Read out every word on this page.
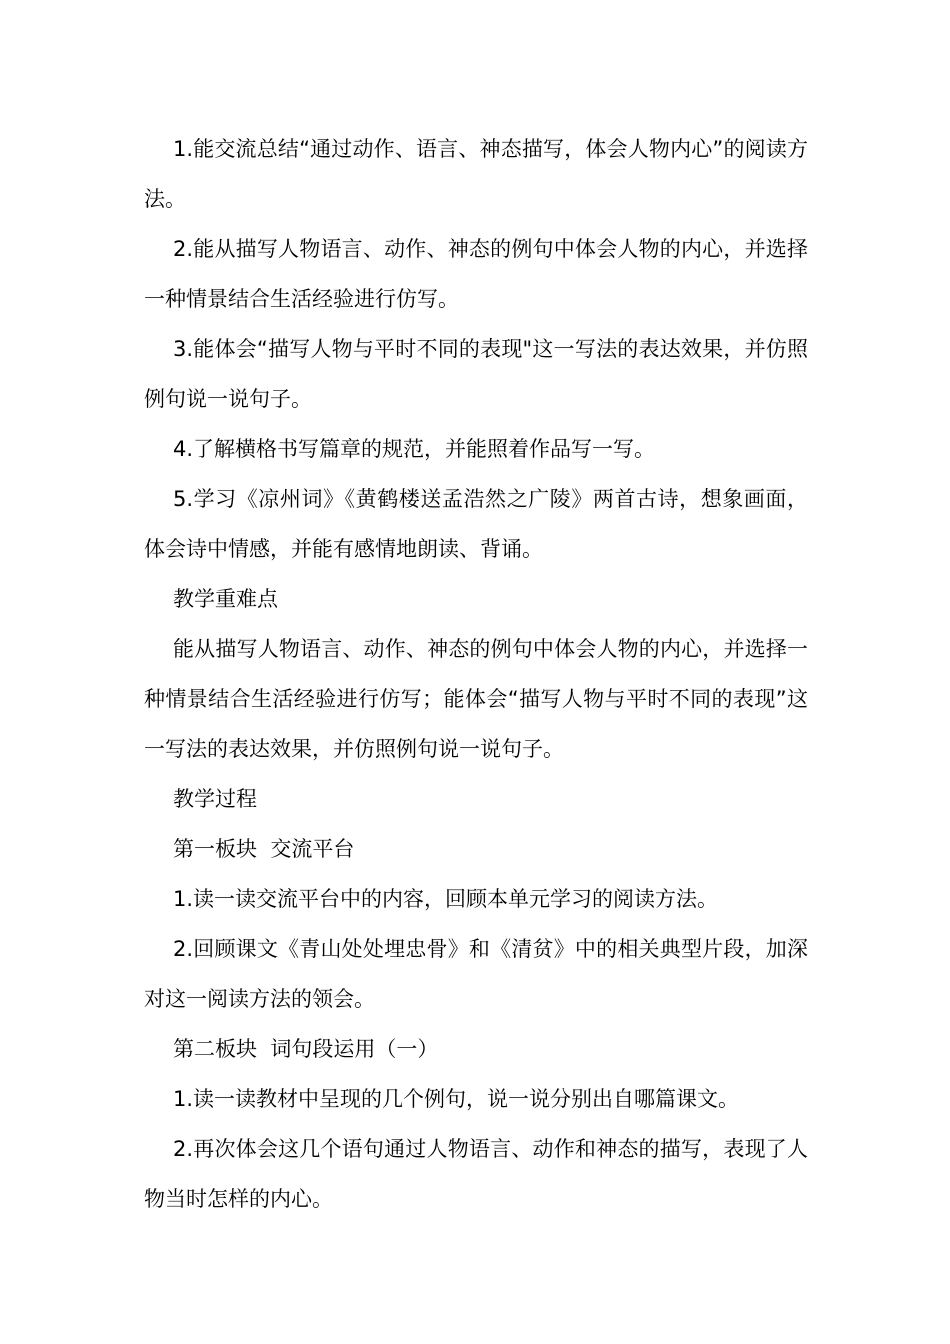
1.能交流总结“通过动作、语言、神态描写，体会人物内心”的阅读方法。

2.能从描写人物语言、动作、神态的例句中体会人物的内心，并选择一种情景结合生活经验进行仿写。

3.能体会“描写人物与平时不同的表现"这一写法的表达效果，并仿照例句说一说句子。

4.了解横格书写篇章的规范，并能照着作品写一写。

5.学习《凉州词》《黄鹤楼送孟浩然之广陵》两首古诗，想象画面，体会诗中情感，并能有感情地朗读、背诵。

教学重难点

能从描写人物语言、动作、神态的例句中体会人物的内心，并选择一种情景结合生活经验进行仿写；能体会“描写人物与平时不同的表现”这一写法的表达效果，并仿照例句说一说句子。

教学过程

第一板块  交流平台

1.读一读交流平台中的内容，回顾本单元学习的阅读方法。

2.回顾课文《青山处处埋忠骨》和《清贫》中的相关典型片段，加深对这一阅读方法的领会。

第二板块  词句段运用（一）

1.读一读教材中呈现的几个例句，说一说分别出自哪篇课文。

2.再次体会这几个语句通过人物语言、动作和神态的描写，表现了人物当时怎样的内心。
